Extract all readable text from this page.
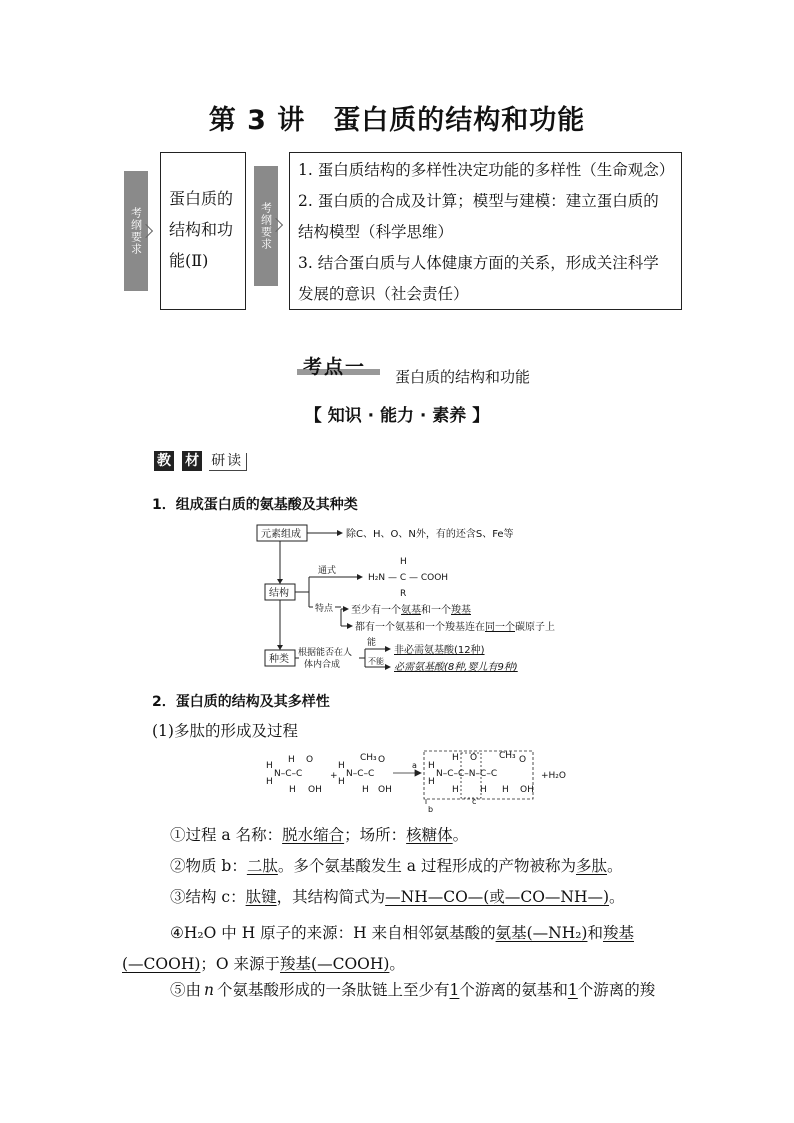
第 3 讲　蛋白质的结构和功能
考纲要求
蛋白质的
结构和功
能(Ⅱ)
考纲要求
1. 蛋白质结构的多样性决定功能的多样性（生命观念）
2. 蛋白质的合成及计算；模型与建模：建立蛋白质的
结构模型（科学思维）
3. 结合蛋白质与人体健康方面的关系，形成关注科学
发展的意识（社会责任）
考点一 蛋白质的结构和功能
【 知识 · 能力 · 素养 】
教 材 研读
1．组成蛋白质的氨基酸及其种类
元素组成	除C、H、O、N外，有的还含S、Fe等
结构
通式
H
H₂N — C — COOH
R
特点 至少有一个氨基和一个羧基
都有一个氨基和一个羧基连在同一个碳原子上
种类
根据能否在人
体内合成
能
不能
非必需氨基酸(12种)
必需氨基酸(8种,婴儿有9种)
2．蛋白质的结构及其多样性
(1)多肽的形成及过程
H
H
N–C–C
H
H
O
OH
+
H
H
N–C–C
CH₃
H
O
OH
H
H
N–C–C–N–C–C
H
H
O
H
CH₃
H
O
OH
+H₂O
a
b
c
①过程 a 名称：脱水缩合；场所：核糖体。
②物质 b：二肽。多个氨基酸发生 a 过程形成的产物被称为多肽。
③结构 c：肽键，其结构简式为—NH—CO—(或—CO—NH—)。
④H₂O 中 H 原子的来源：H 来自相邻氨基酸的氨基(—NH₂)和羧基
(—COOH)；O 来源于羧基(—COOH)。
⑤由 n 个氨基酸形成的一条肽链上至少有1个游离的氨基和1个游离的羧
